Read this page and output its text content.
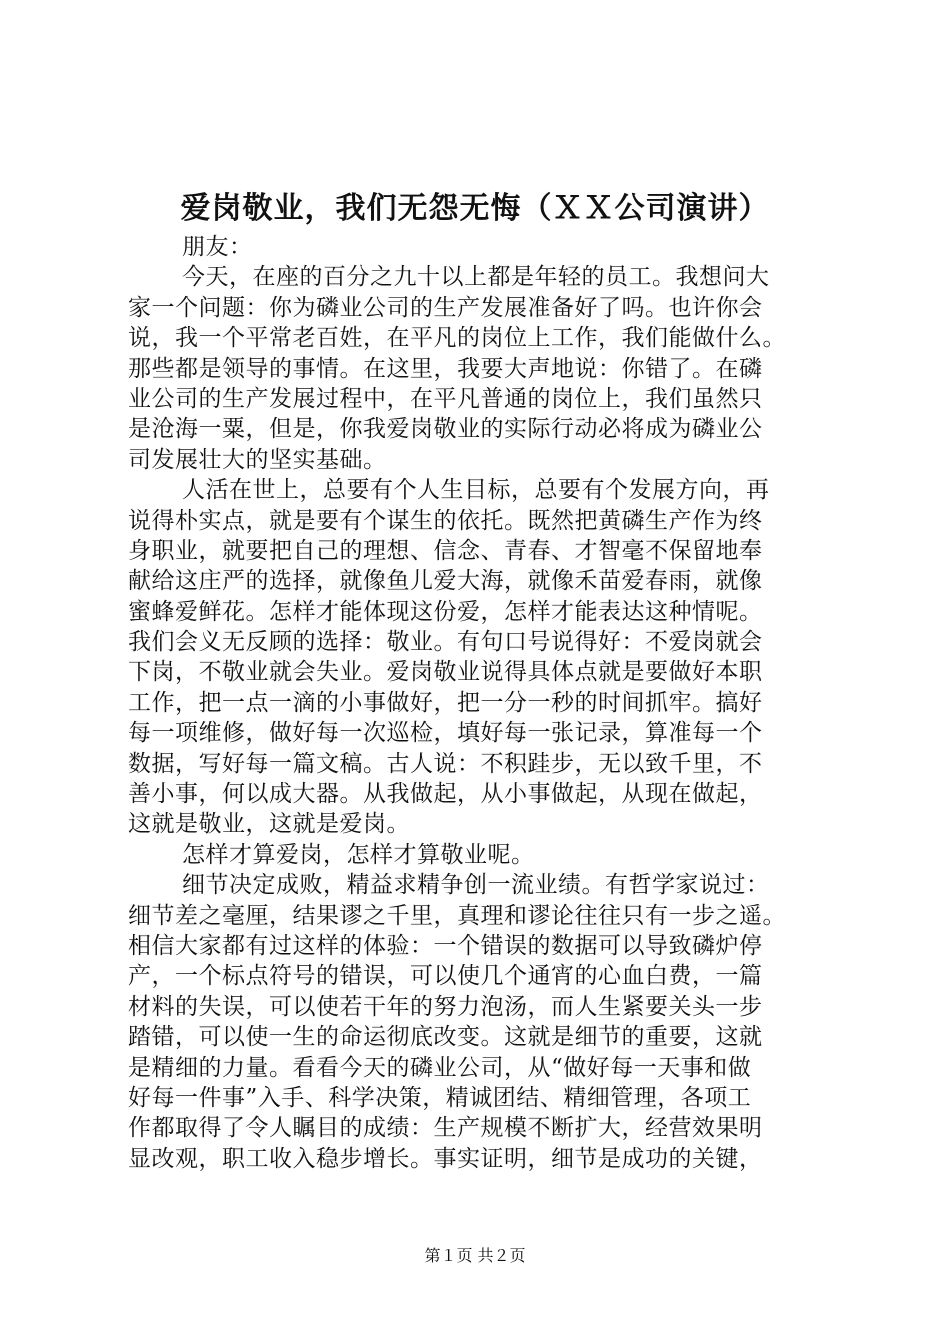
爱岗敬业，我们无怨无悔（ＸＸ公司演讲）
朋友：
今天，在座的百分之九十以上都是年轻的员工。我想问大
家一个问题：你为磷业公司的生产发展准备好了吗。也许你会
说，我一个平常老百姓，在平凡的岗位上工作，我们能做什么。
那些都是领导的事情。在这里，我要大声地说：你错了。在磷
业公司的生产发展过程中，在平凡普通的岗位上，我们虽然只
是沧海一粟，但是，你我爱岗敬业的实际行动必将成为磷业公
司发展壮大的坚实基础。
人活在世上，总要有个人生目标，总要有个发展方向，再
说得朴实点，就是要有个谋生的依托。既然把黄磷生产作为终
身职业，就要把自己的理想、信念、青春、才智毫不保留地奉
献给这庄严的选择，就像鱼儿爱大海，就像禾苗爱春雨，就像
蜜蜂爱鲜花。怎样才能体现这份爱，怎样才能表达这种情呢。
我们会义无反顾的选择：敬业。有句口号说得好：不爱岗就会
下岗，不敬业就会失业。爱岗敬业说得具体点就是要做好本职
工作，把一点一滴的小事做好，把一分一秒的时间抓牢。搞好
每一项维修，做好每一次巡检，填好每一张记录，算准每一个
数据，写好每一篇文稿。古人说：不积跬步，无以致千里，不
善小事，何以成大器。从我做起，从小事做起，从现在做起，
这就是敬业，这就是爱岗。
怎样才算爱岗，怎样才算敬业呢。
细节决定成败，精益求精争创一流业绩。有哲学家说过：
细节差之毫厘，结果谬之千里，真理和谬论往往只有一步之遥。
相信大家都有过这样的体验：一个错误的数据可以导致磷炉停
产，一个标点符号的错误，可以使几个通宵的心血白费，一篇
材料的失误，可以使若干年的努力泡汤，而人生紧要关头一步
踏错，可以使一生的命运彻底改变。这就是细节的重要，这就
是精细的力量。看看今天的磷业公司，从“做好每一天事和做
好每一件事”入手、科学决策，精诚团结、精细管理，各项工
作都取得了令人瞩目的成绩：生产规模不断扩大，经营效果明
显改观，职工收入稳步增长。事实证明，细节是成功的关键，
第１页 共２页
